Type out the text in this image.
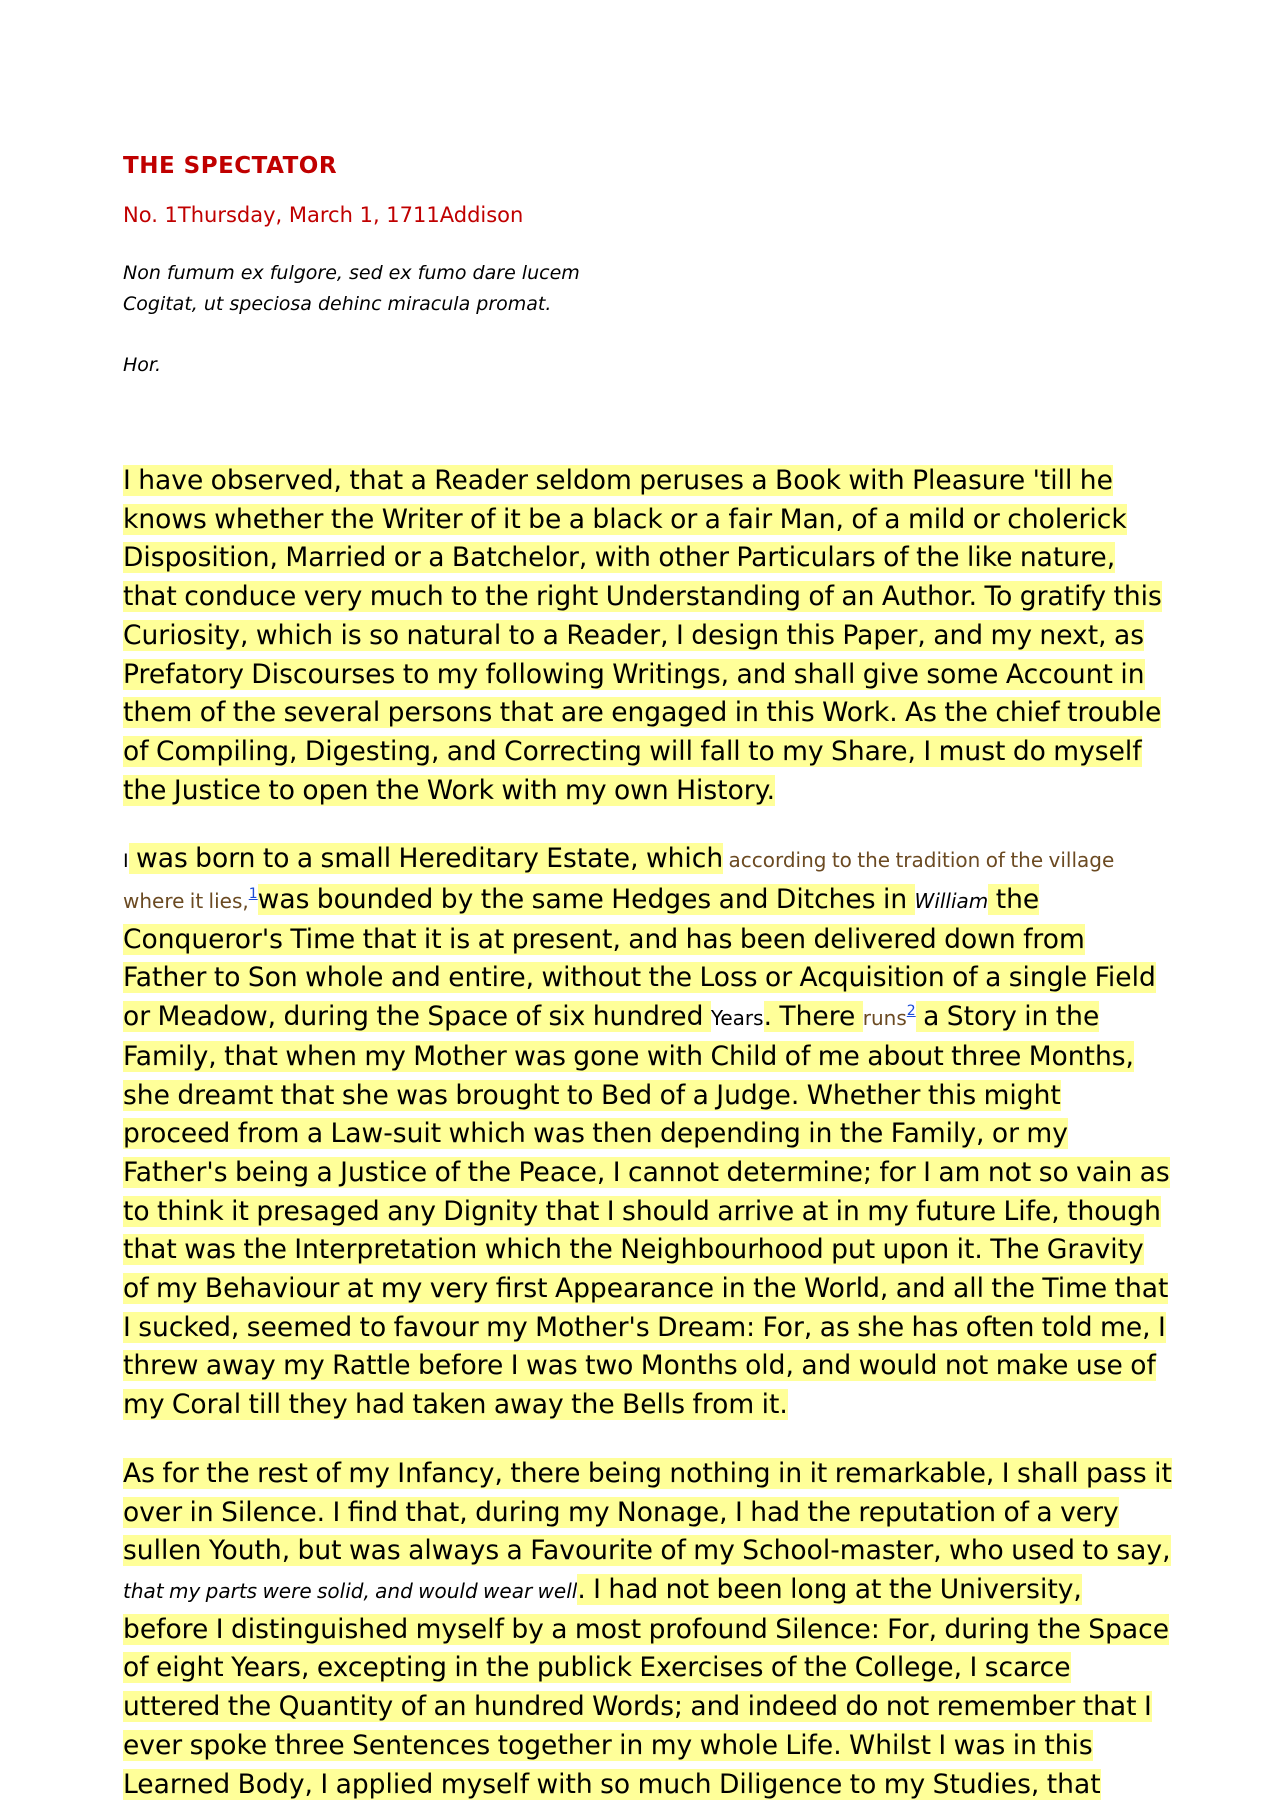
THE SPECTATOR
No. 1Thursday, March 1, 1711Addison
Non fumum ex fulgore, sed ex fumo dare lucem
Cogitat, ut speciosa dehinc miracula promat.
Hor.

I have observed, that a Reader seldom peruses a Book with Pleasure 'till he knows whether the Writer of it be a black or a fair Man, of a mild or cholerick Disposition, Married or a Batchelor, with other Particulars of the like nature, that conduce very much to the right Understanding of an Author. To gratify this Curiosity, which is so natural to a Reader, I design this Paper, and my next, as Prefatory Discourses to my following Writings, and shall give some Account in them of the several persons that are engaged in this Work. As the chief trouble of Compiling, Digesting, and Correcting will fall to my Share, I must do myself the Justice to open the Work with my own History.

I was born to a small Hereditary Estate, which according to the tradition of the village where it lies,$^1$was bounded by the same Hedges and Ditches in William the Conqueror's Time that it is at present, and has been delivered down from Father to Son whole and entire, without the Loss or Acquisition of a single Field or Meadow, during the Space of six hundred Years. There runs$^2$ a Story in the Family, that when my Mother was gone with Child of me about three Months, she dreamt that she was brought to Bed of a Judge. Whether this might proceed from a Law-suit which was then depending in the Family, or my Father's being a Justice of the Peace, I cannot determine; for I am not so vain as to think it presaged any Dignity that I should arrive at in my future Life, though that was the Interpretation which the Neighbourhood put upon it. The Gravity of my Behaviour at my very first Appearance in the World, and all the Time that I sucked, seemed to favour my Mother's Dream: For, as she has often told me, I threw away my Rattle before I was two Months old, and would not make use of my Coral till they had taken away the Bells from it.

As for the rest of my Infancy, there being nothing in it remarkable, I shall pass it over in Silence. I find that, during my Nonage, I had the reputation of a very sullen Youth, but was always a Favourite of my School-master, who used to say, that my parts were solid, and would wear well. I had not been long at the University, before I distinguished myself by a most profound Silence: For, during the Space of eight Years, excepting in the publick Exercises of the College, I scarce uttered the Quantity of an hundred Words; and indeed do not remember that I ever spoke three Sentences together in my whole Life. Whilst I was in this Learned Body, I applied myself with so much Diligence to my Studies, that
